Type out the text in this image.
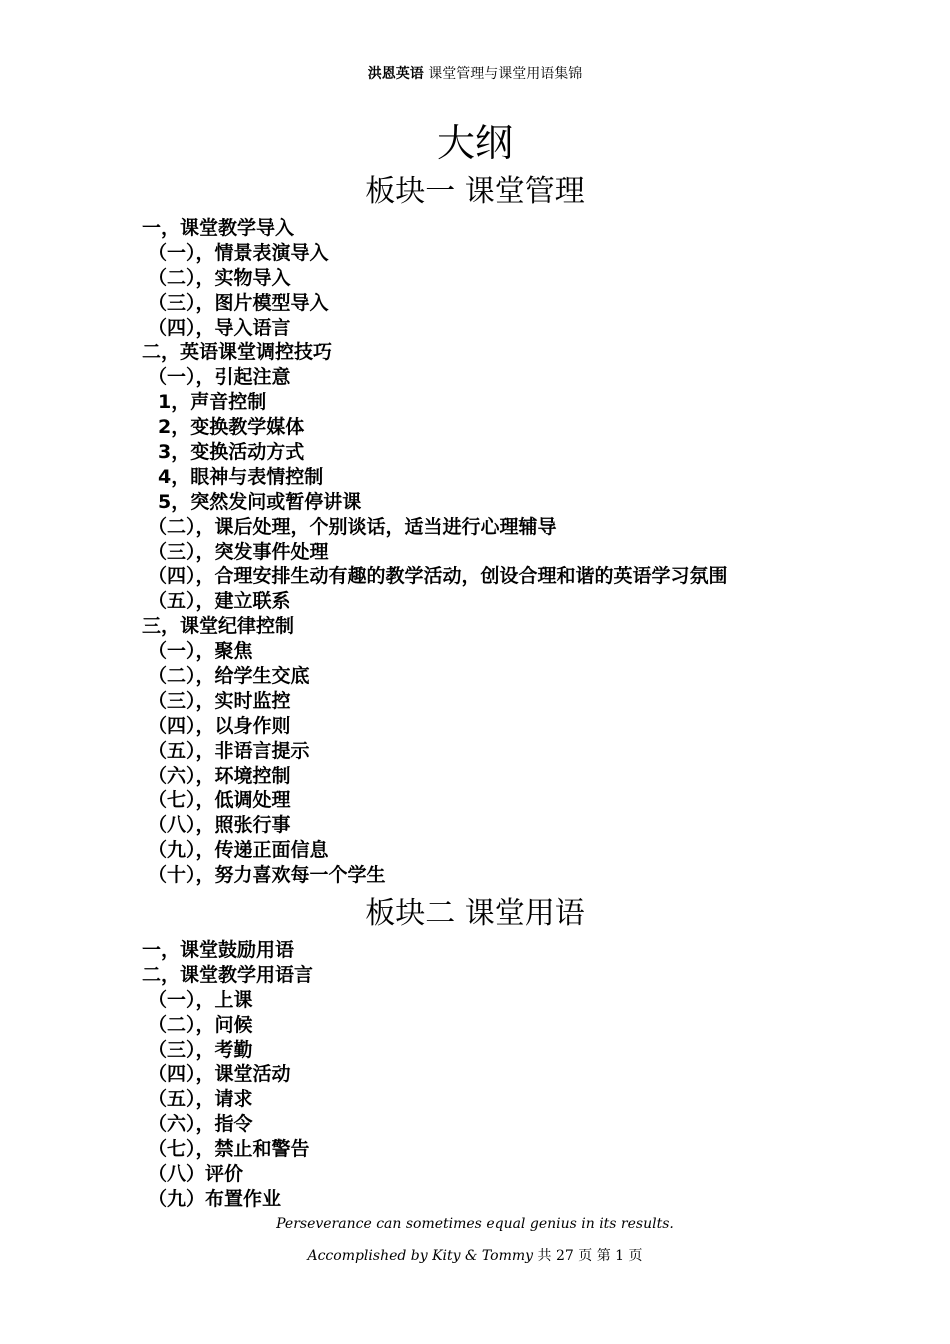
洪恩英语 课堂管理与课堂用语集锦
大纲
板块一 课堂管理
一，课堂教学导入
（一），情景表演导入
（二），实物导入
（三），图片模型导入
（四），导入语言
二，英语课堂调控技巧
（一），引起注意
1，声音控制
2，变换教学媒体
3，变换活动方式
4，眼神与表情控制
5，突然发问或暂停讲课
（二），课后处理，个别谈话，适当进行心理辅导
（三），突发事件处理
（四），合理安排生动有趣的教学活动，创设合理和谐的英语学习氛围
（五），建立联系
三，课堂纪律控制
（一），聚焦
（二），给学生交底
（三），实时监控
（四），以身作则
（五），非语言提示
（六），环境控制
（七），低调处理
（八），照张行事
（九），传递正面信息
（十），努力喜欢每一个学生
板块二 课堂用语
一，课堂鼓励用语
二，课堂教学用语言
（一），上课
（二），问候
（三），考勤
（四），课堂活动
（五），请求
（六），指令
（七），禁止和警告
（八）评价
（九）布置作业
Perseverance can sometimes equal genius in its results.
Accomplished by Kity & Tommy 共 27 页 第 1 页
